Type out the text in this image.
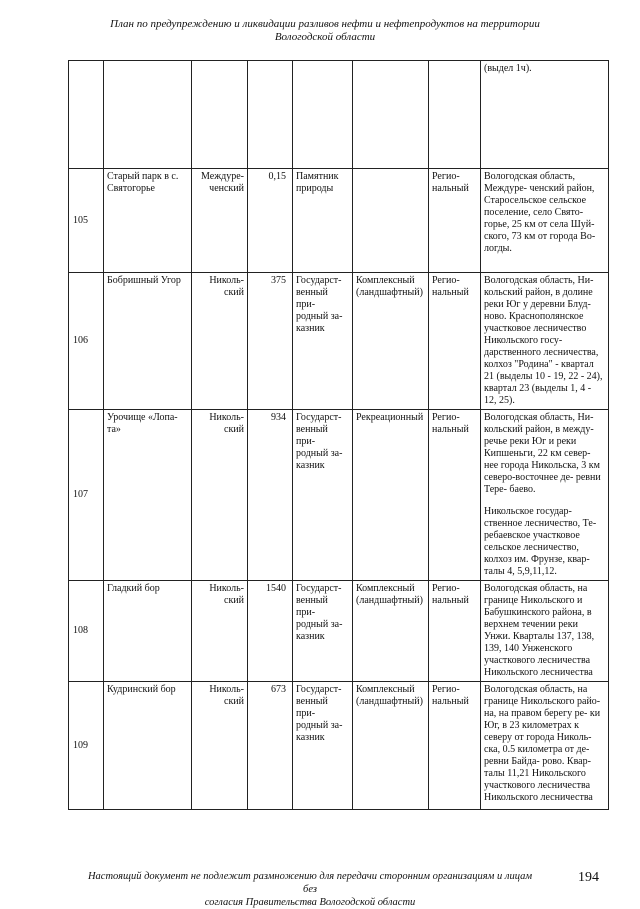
План по предупреждению и ликвидации разливов нефти и нефтепродуктов на территории
Вологодской области
							(выдел 1ч).
105	Старый парк в с. Святогорье	Междуре- ченский	0,15	Памятник природы		Регио- нальный	Вологодская область, Междуре- ченский район, Старосельское сельское поселение, село Свято- горье, 25 км от села Шуй- ского, 73 км от города Во- логды.
106	Бобришный Угор	Николь- ский	375	Государст- венный при- родный за- казник	Комплексный (ландшафтный)	Регио- нальный	Вологодская область, Ни- кольский район, в долине реки Юг у деревни Блуд- ново. Краснополянское участковое лесничество Никольского госу- дарственного лесничества, колхоз "Родина" - квартал 21 (выделы 10 - 19, 22 - 24), квартал 23 (выделы 1, 4 - 12, 25).
107	Урочище «Лопа- та»	Николь- ский	934	Государст- венный при- родный за- казник	Рекреационный	Регио- нальный	Вологодская область, Ни- кольский район, в между- речье реки Юг и реки Кипшеньги, 22 км север- нее города Никольска, 3 км северо-восточнее де- ревни Тере- баево.
Никольское государ- ственное лесничество, Те- ребаевское участковое сельское лесничество, колхоз им. Фрунзе, квар- талы 4, 5,9,11,12.

108	Гладкий бор	Николь- ский	1540	Государст- венный при- родный за- казник	Комплексный (ландшафтный)	Регио- нальный	Вологодская область, на границе Никольского и Бабушкинского района, в верхнем течении реки Унжи. Кварталы 137, 138, 139, 140 Унженского участкового лесничества Никольского лесничества
109	Кудринский бор	Николь- ский	673	Государст- венный при- родный за- казник	Комплексный (ландшафтный)	Регио- нальный	Вологодская область, на границе Никольского райо- на, на правом берегу ре- ки Юг, в 23 километрах к северу от города Николь- ска, 0.5 километра от де- ревни Байда- рово. Квар- талы 11,21 Никольского участкового лесничества Никольского лесничества
Настоящий документ не подлежит размножению для передачи сторонним организациям и лицам без
согласия Правительства Вологодской области
194
